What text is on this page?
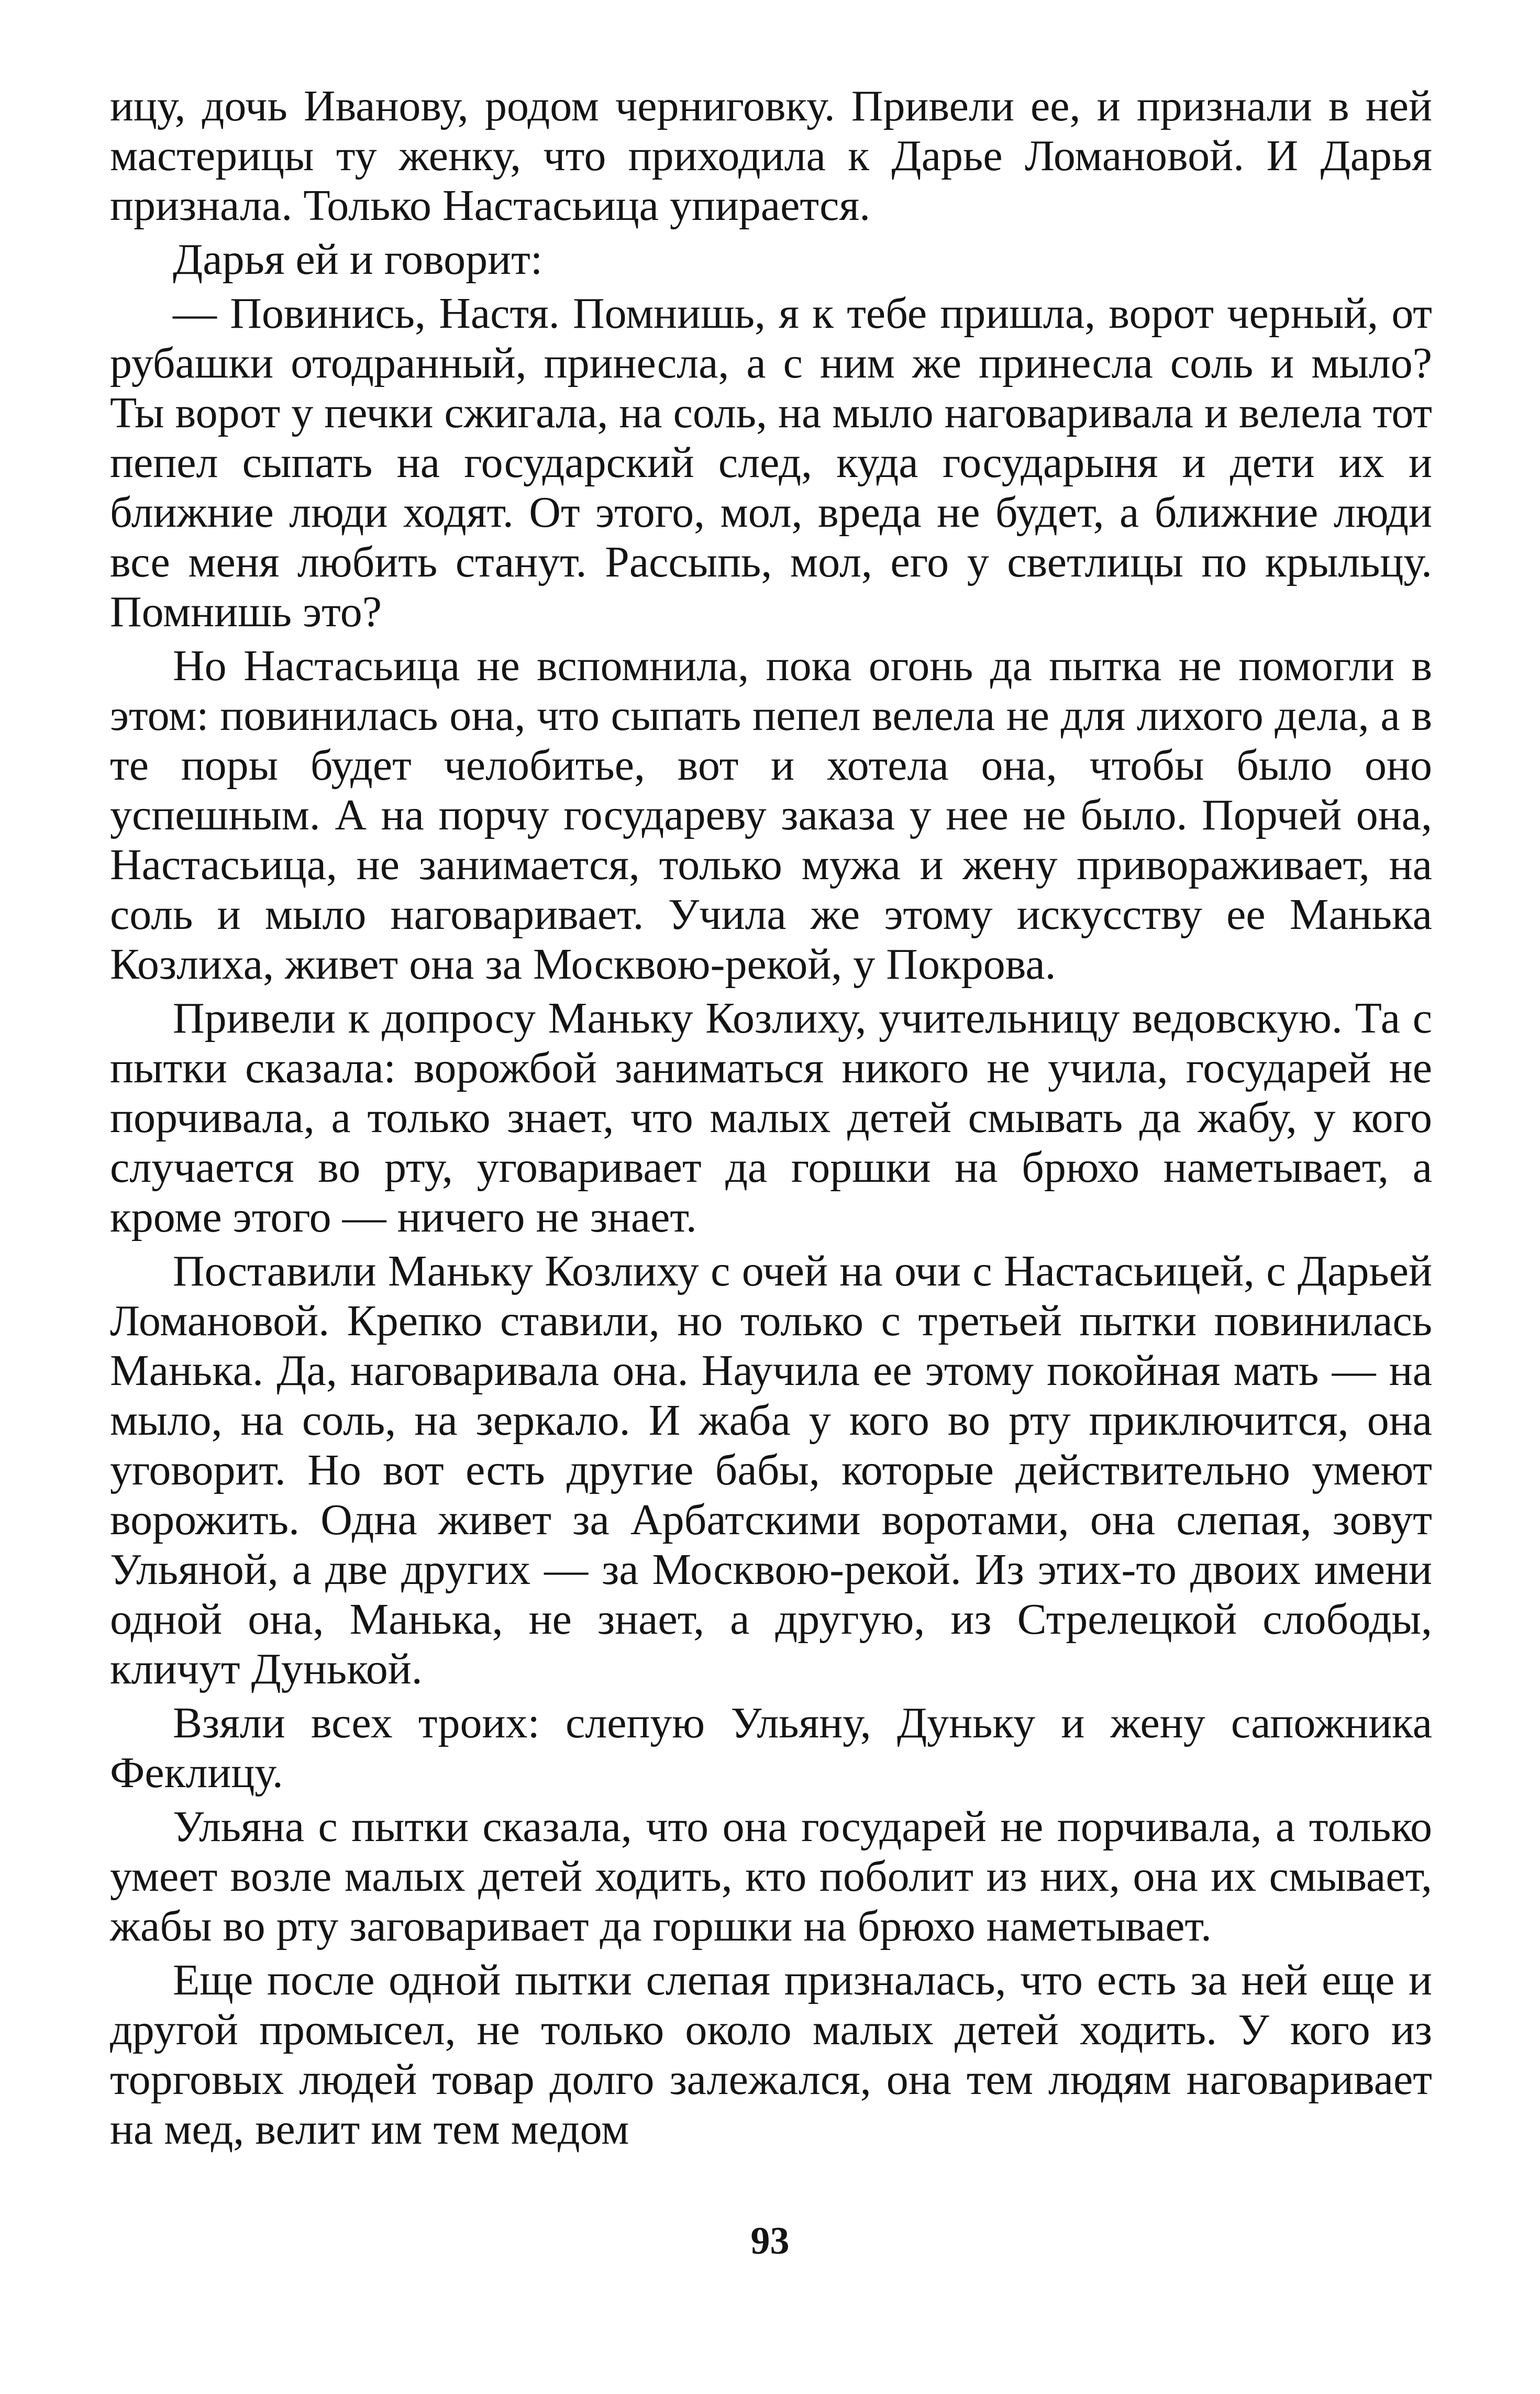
ицу, дочь Иванову, родом черниговку. Привели ее, и признали в ней мастерицы ту женку, что приходила к Дарье Ломановой. И Дарья признала. Только Настасьица упирается.

Дарья ей и говорит:

— Повинись, Настя. Помнишь, я к тебе пришла, ворот черный, от рубашки отодранный, принесла, а с ним же принесла соль и мыло? Ты ворот у печки сжигала, на соль, на мыло наговаривала и велела тот пепел сыпать на государский след, куда государыня и дети их и ближние люди ходят. От этого, мол, вреда не будет, а ближние люди все меня любить станут. Рассыпь, мол, его у светлицы по крыльцу. Помнишь это?

Но Настасьица не вспомнила, пока огонь да пытка не помогли в этом: повинилась она, что сыпать пепел велела не для лихого дела, а в те поры будет челобитье, вот и хотела она, чтобы было оно успешным. А на порчу государеву заказа у нее не было. Порчей она, Настасьица, не занимается, только мужа и жену привораживает, на соль и мыло наговаривает. Учила же этому искусству ее Манька Козлиха, живет она за Москвою-рекой, у Покрова.

Привели к допросу Маньку Козлиху, учительницу ведовскую. Та с пытки сказала: ворожбой заниматься никого не учила, государей не порчивала, а только знает, что малых детей смывать да жабу, у кого случается во рту, уговаривает да горшки на брюхо наметывает, а кроме этого — ничего не знает.

Поставили Маньку Козлиху с очей на очи с Настасьицей, с Дарьей Ломановой. Крепко ставили, но только с третьей пытки повинилась Манька. Да, наговаривала она. Научила ее этому покойная мать — на мыло, на соль, на зеркало. И жаба у кого во рту приключится, она уговорит. Но вот есть другие бабы, которые действительно умеют ворожить. Одна живет за Арбатскими воротами, она слепая, зовут Ульяной, а две других — за Москвою-рекой. Из этих-то двоих имени одной она, Манька, не знает, а другую, из Стрелецкой слободы, кличут Дунькой.

Взяли всех троих: слепую Ульяну, Дуньку и жену сапожника Феклицу.

Ульяна с пытки сказала, что она государей не порчивала, а только умеет возле малых детей ходить, кто поболит из них, она их смывает, жабы во рту заговаривает да горшки на брюхо наметывает.

Еще после одной пытки слепая призналась, что есть за ней еще и другой промысел, не только около малых детей ходить. У кого из торговых людей товар долго залежался, она тем людям наговаривает на мед, велит им тем медом

93
